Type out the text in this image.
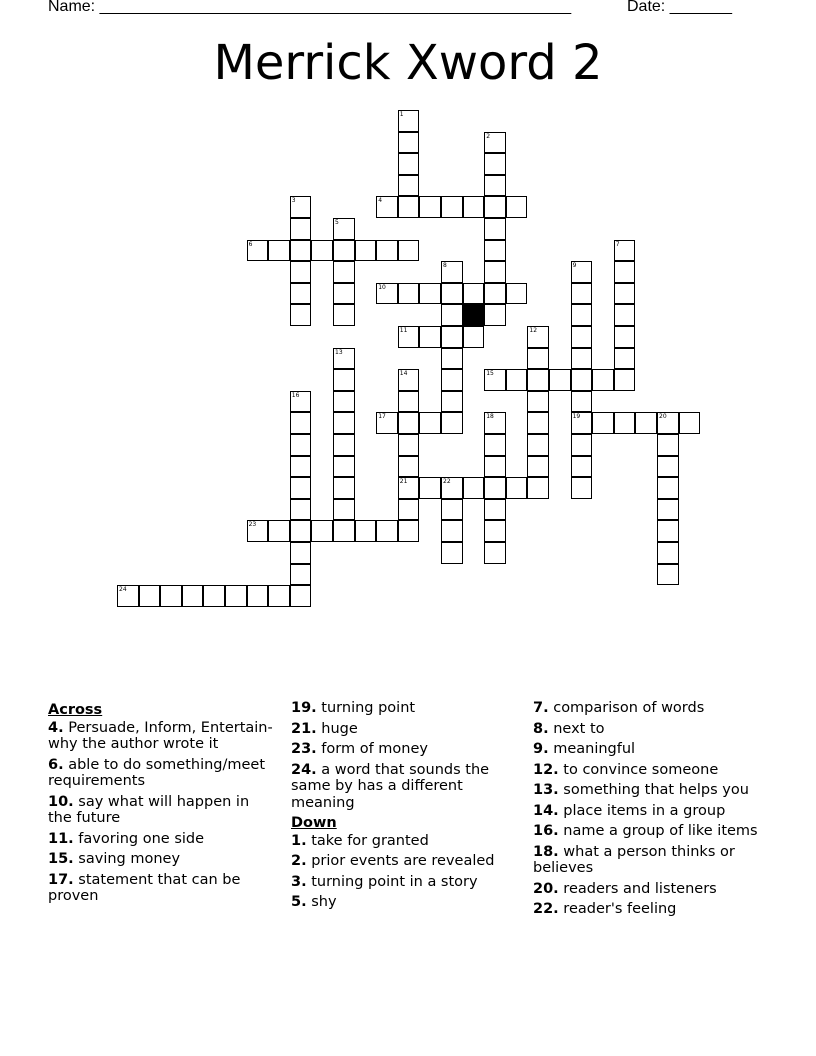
Name: _____________________________________________________	Date: _______
Merrick Xword 2
1
2
3	4
5
6	7
8	9
19
10
11	12
13
14
21
15
16
17	18	20
22
23
24
Across
4. Persuade, Inform, Entertain-why the author wrote it
6. able to do something/meet requirements
10. say what will happen in the future
11. favoring one side
15. saving money
17. statement that can be proven
19. turning point
21. huge
23. form of money
24. a word that sounds the same by has a different meaning
Down
1. take for granted
2. prior events are revealed
3. turning point in a story
5. shy
7. comparison of words
8. next to
9. meaningful
12. to convince someone
13. something that helps you
14. place items in a group
16. name a group of like items
18. what a person thinks or believes
20. readers and listeners
22. reader's feeling
